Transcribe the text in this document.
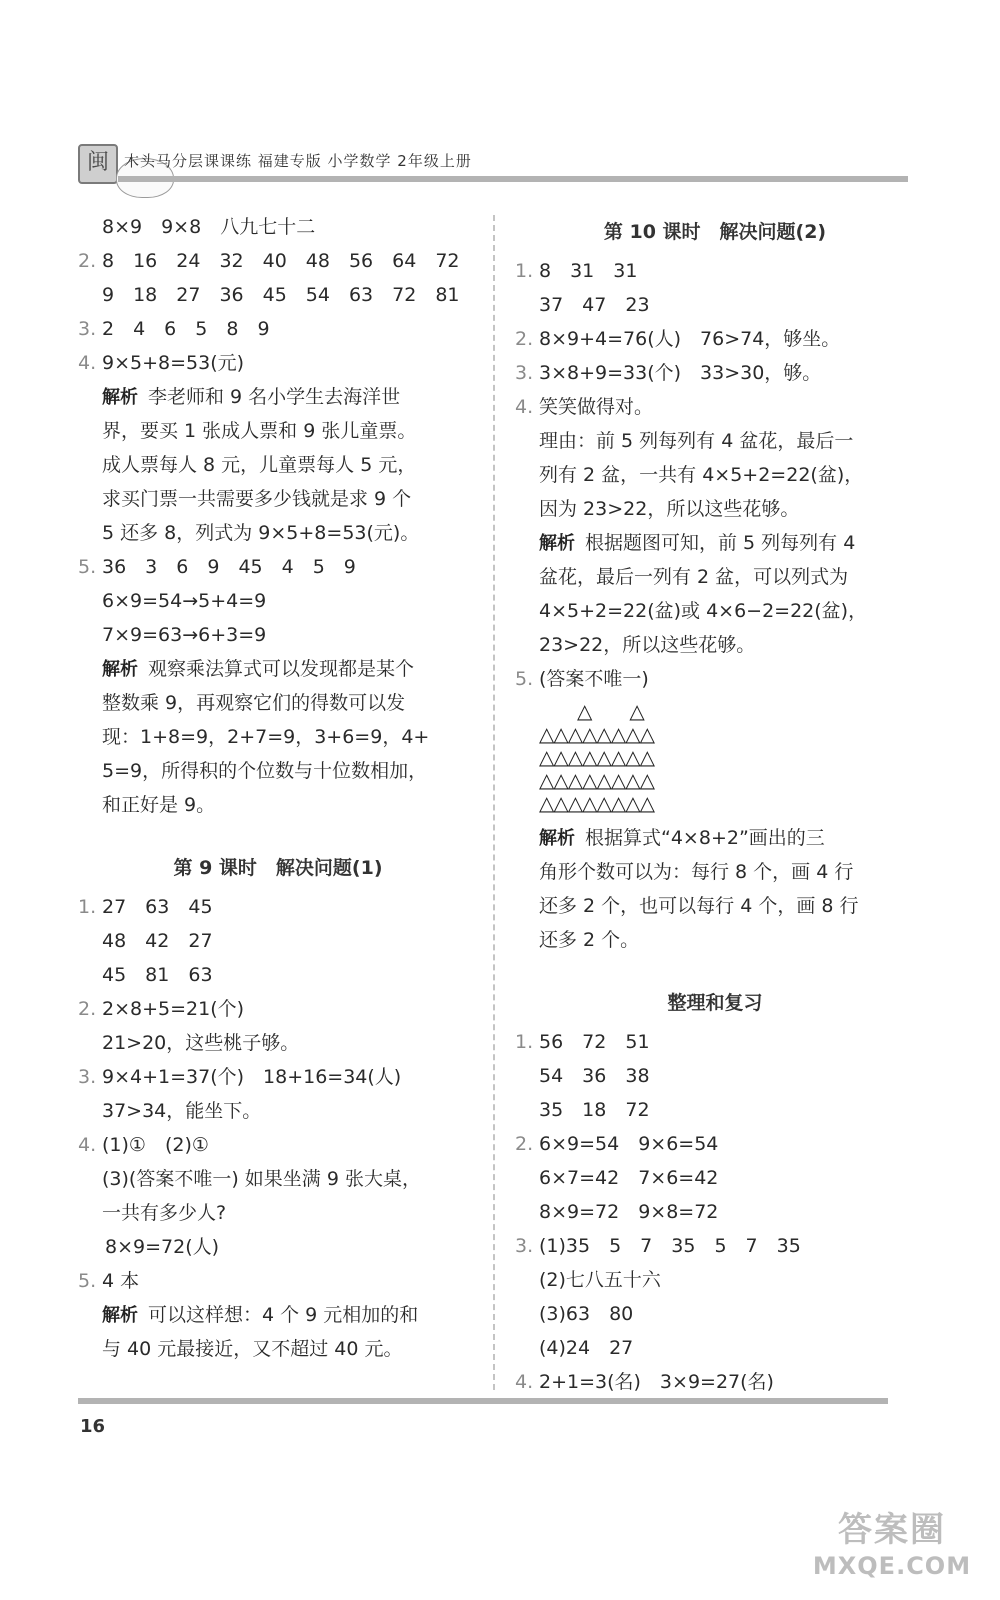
闽	木头马分层课课练 福建专版 小学数学 2年级上册
8×9　9×8　八九七十二
2. 8　16　24　32　40　48　56　64　72
9　18　27　36　45　54　63　72　81
3. 2　4　6　5　8　9
4. 9×5+8=53(元)
解析 李老师和 9 名小学生去海洋世
界，要买 1 张成人票和 9 张儿童票。
成人票每人 8 元，儿童票每人 5 元，
求买门票一共需要多少钱就是求 9 个
5 还多 8，列式为 9×5+8=53(元)。
5. 36　3　6　9　45　4　5　9
6×9=54→5+4=9
7×9=63→6+3=9
解析 观察乘法算式可以发现都是某个
整数乘 9，再观察它们的得数可以发
现：1+8=9，2+7=9，3+6=9，4+
5=9，所得积的个位数与十位数相加，
和正好是 9。
第 9 课时　解决问题(1)
1. 27　63　45
48　42　27
45　81　63
2. 2×8+5=21(个)
21>20，这些桃子够。
3. 9×4+1=37(个)　18+16=34(人)
37>34，能坐下。
4. (1)①　(2)①
(3)(答案不唯一) 如果坐满 9 张大桌，
一共有多少人?
8×9=72(人)
5. 4 本
解析 可以这样想：4 个 9 元相加的和
与 40 元最接近，又不超过 40 元。
第 10 课时　解决问题(2)
1. 8　31　31
37　47　23
2. 8×9+4=76(人)　76>74，够坐。
3. 3×8+9=33(个)　33>30，够。
4. 笑笑做得对。
理由：前 5 列每列有 4 盆花，最后一
列有 2 盆，一共有 4×5+2=22(盆)，
因为 23>22，所以这些花够。
解析 根据题图可知，前 5 列每列有 4
盆花，最后一列有 2 盆，可以列式为
4×5+2=22(盆)或 4×6−2=22(盆)，
23>22，所以这些花够。
5. (答案不唯一)
　　△　　△
△△△△△△△△
△△△△△△△△
△△△△△△△△
△△△△△△△△
解析 根据算式“4×8+2”画出的三
角形个数可以为：每行 8 个，画 4 行
还多 2 个，也可以每行 4 个，画 8 行
还多 2 个。
整理和复习
1. 56　72　51
54　36　38
35　18　72
2. 6×9=54　9×6=54
6×7=42　7×6=42
8×9=72　9×8=72
3. (1)35　5　7　35　5　7　35
(2)七八五十六
(3)63　80
(4)24　27
4. 2+1=3(名)　3×9=27(名)
16
答案圈
MXQE.COM
